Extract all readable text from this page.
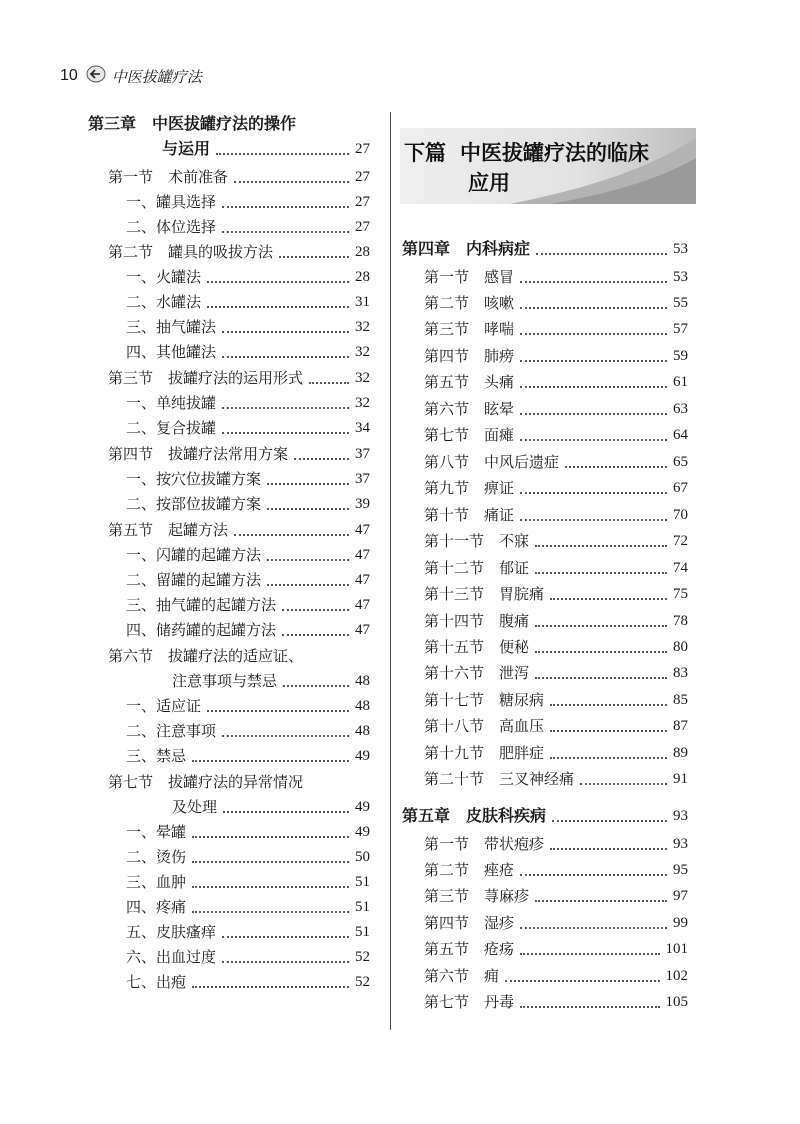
10 中医拔罐疗法
第三章　中医拔罐疗法的操作
与运用	27
第一节　术前准备	27
一、罐具选择	27
二、体位选择	27
第二节　罐具的吸拔方法	28
一、火罐法	28
二、水罐法	31
三、抽气罐法	32
四、其他罐法	32
第三节　拔罐疗法的运用形式	32
一、单纯拔罐	32
二、复合拔罐	34
第四节　拔罐疗法常用方案	37
一、按穴位拔罐方案	37
二、按部位拔罐方案	39
第五节　起罐方法	47
一、闪罐的起罐方法	47
二、留罐的起罐方法	47
三、抽气罐的起罐方法	47
四、储药罐的起罐方法	47
第六节　拔罐疗法的适应证、
注意事项与禁忌	48
一、适应证	48
二、注意事项	48
三、禁忌	49
第七节　拔罐疗法的异常情况
及处理	49
一、晕罐	49
二、烫伤	50
三、血肿	51
四、疼痛	51
五、皮肤瘙痒	51
六、出血过度	52
七、出疱	52
下篇 中医拔罐疗法的临床
应用
第四章　内科病症	53
第一节　感冒	53
第二节　咳嗽	55
第三节　哮喘	57
第四节　肺痨	59
第五节　头痛	61
第六节　眩晕	63
第七节　面瘫	64
第八节　中风后遗症	65
第九节　痹证	67
第十节　痛证	70
第十一节　不寐	72
第十二节　郁证	74
第十三节　胃脘痛	75
第十四节　腹痛	78
第十五节　便秘	80
第十六节　泄泻	83
第十七节　糖尿病	85
第十八节　高血压	87
第十九节　肥胖症	89
第二十节　三叉神经痛	91
第五章　皮肤科疾病	93
第一节　带状疱疹	93
第二节　痤疮	95
第三节　荨麻疹	97
第四节　湿疹	99
第五节　疮疡	101
第六节　痈	102
第七节　丹毒	105
